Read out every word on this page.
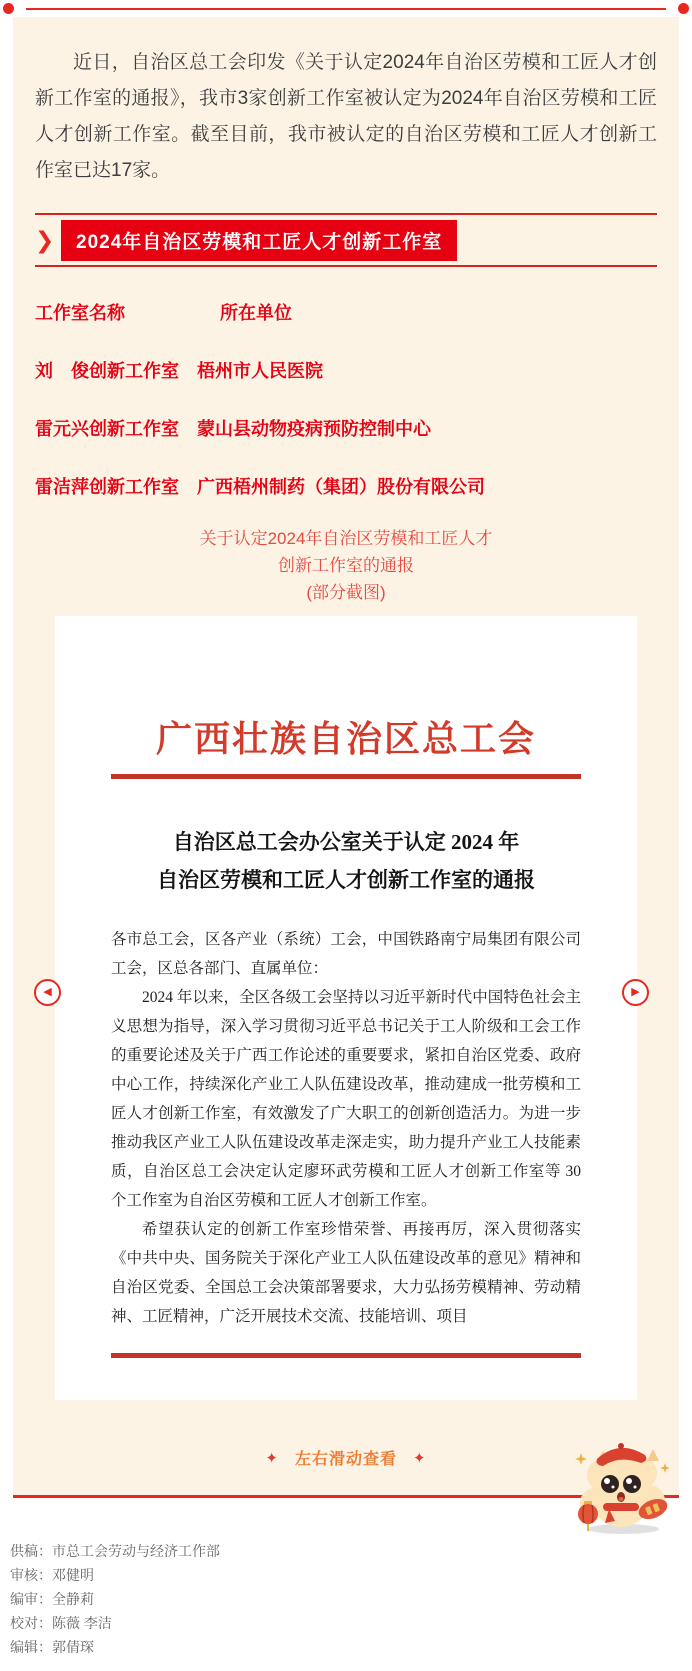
近日，自治区总工会印发《关于认定2024年自治区劳模和工匠人才创新工作室的通报》，我市3家创新工作室被认定为2024年自治区劳模和工匠人才创新工作室。截至目前，我市被认定的自治区劳模和工匠人才创新工作室已达17家。

❯	2024年自治区劳模和工匠人才创新工作室
工作室名称	所在单位
刘　俊创新工作室	梧州市人民医院
雷元兴创新工作室	蒙山县动物疫病预防控制中心
雷洁萍创新工作室	广西梧州制药（集团）股份有限公司
关于认定2024年自治区劳模和工匠人才
创新工作室的通报
(部分截图)
广西壮族自治区总工会
自治区总工会办公室关于认定 2024 年
自治区劳模和工匠人才创新工作室的通报

各市总工会，区各产业（系统）工会，中国铁路南宁局集团有限公司工会，区总各部门、直属单位：

2024 年以来，全区各级工会坚持以习近平新时代中国特色社会主义思想为指导，深入学习贯彻习近平总书记关于工人阶级和工会工作的重要论述及关于广西工作论述的重要要求，紧扣自治区党委、政府中心工作，持续深化产业工人队伍建设改革，推动建成一批劳模和工匠人才创新工作室，有效激发了广大职工的创新创造活力。为进一步推动我区产业工人队伍建设改革走深走实，助力提升产业工人技能素质，自治区总工会决定认定廖环武劳模和工匠人才创新工作室等 30 个工作室为自治区劳模和工匠人才创新工作室。

希望获认定的创新工作室珍惜荣誉、再接再厉，深入贯彻落实《中共中央、国务院关于深化产业工人队伍建设改革的意见》精神和自治区党委、全国总工会决策部署要求，大力弘扬劳模精神、劳动精神、工匠精神，广泛开展技术交流、技能培训、项目

◀	▶
✦ 左右滑动查看 ✦
供稿：市总工会劳动与经济工作部
审核：邓健明
编审：全静莉
校对：陈薇 李洁
编辑：郭倩琛
